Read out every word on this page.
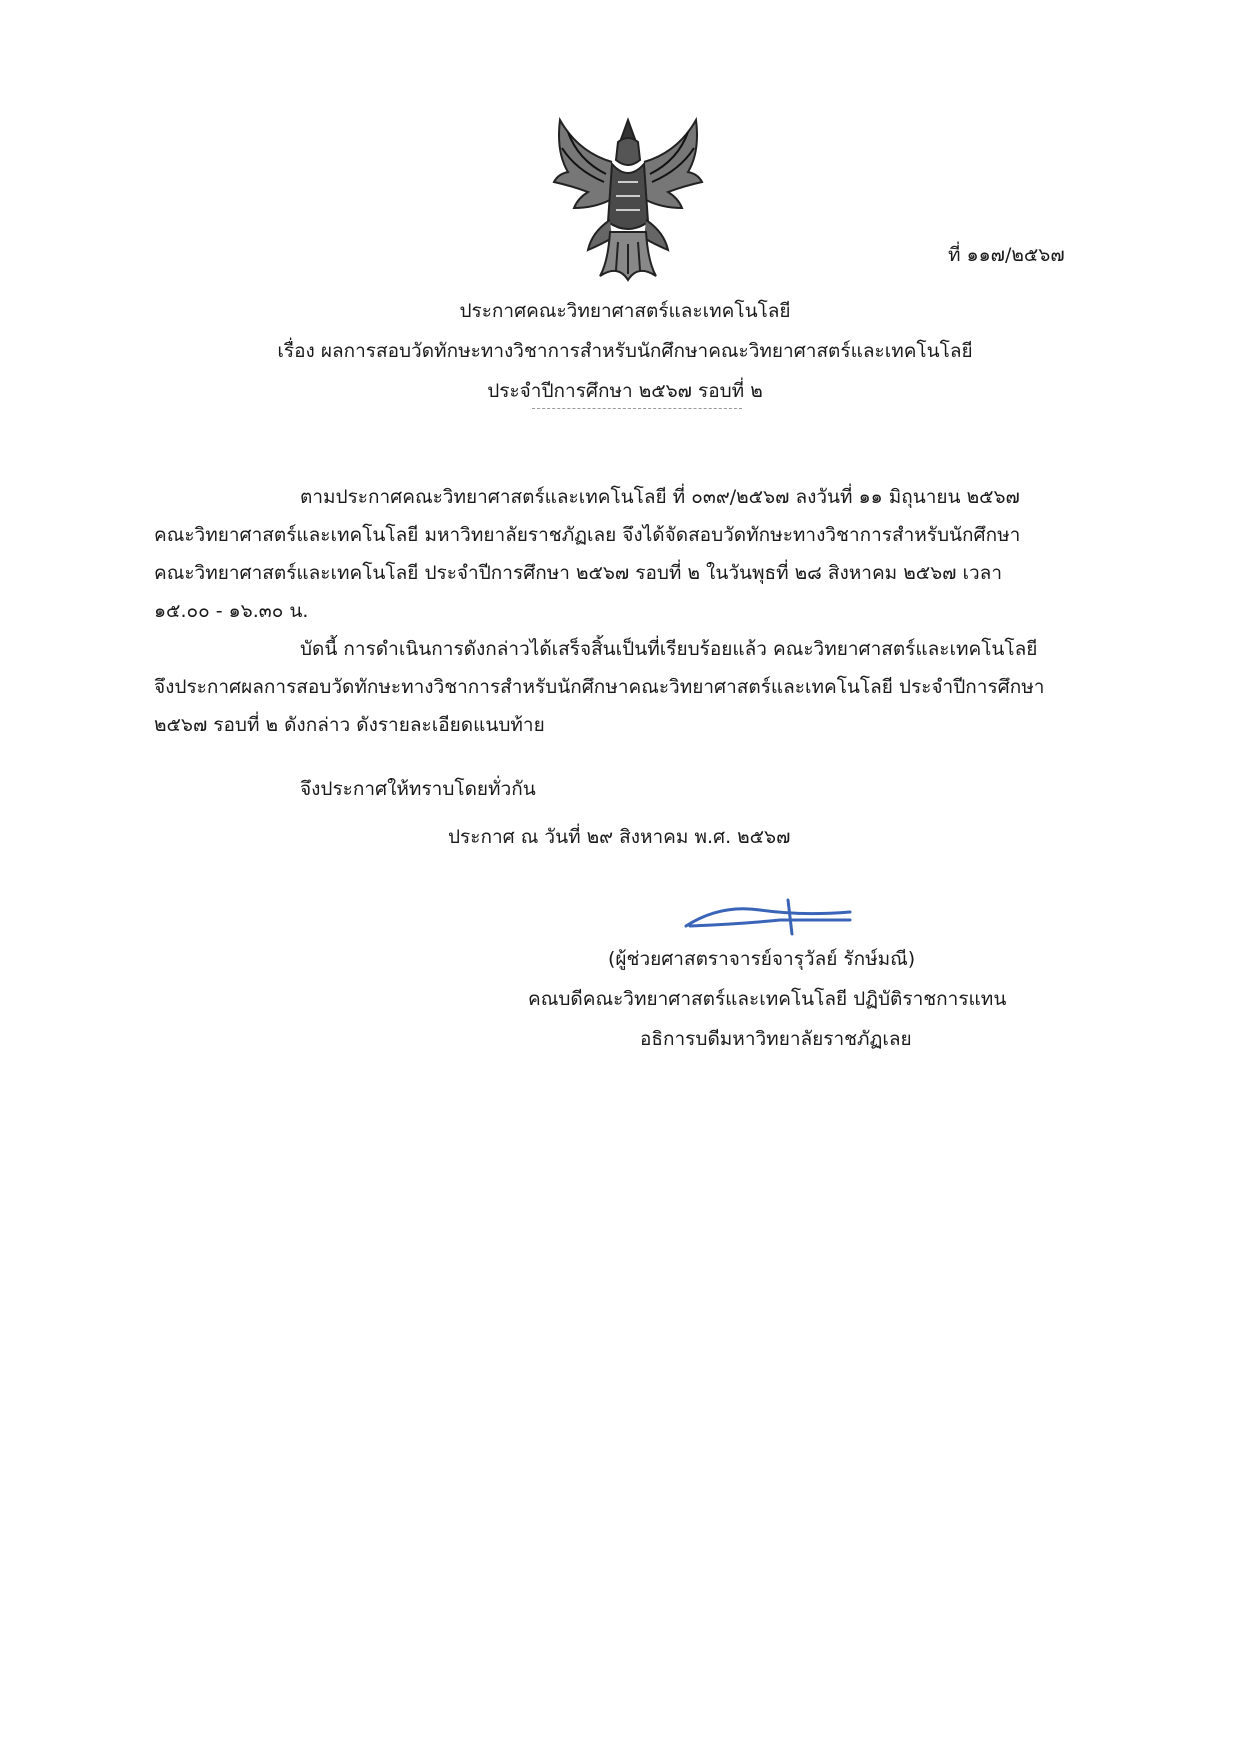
ที่ ๑๑๗/๒๕๖๗
ประกาศคณะวิทยาศาสตร์และเทคโนโลยี
เรื่อง ผลการสอบวัดทักษะทางวิชาการสำหรับนักศึกษาคณะวิทยาศาสตร์และเทคโนโลยี
ประจำปีการศึกษา ๒๕๖๗ รอบที่ ๒
ตามประกาศคณะวิทยาศาสตร์และเทคโนโลยี ที่ ๐๓๙/๒๕๖๗ ลงวันที่ ๑๑ มิถุนายน ๒๕๖๗
คณะวิทยาศาสตร์และเทคโนโลยี มหาวิทยาลัยราชภัฏเลย จึงได้จัดสอบวัดทักษะทางวิชาการสำหรับนักศึกษา
คณะวิทยาศาสตร์และเทคโนโลยี ประจำปีการศึกษา ๒๕๖๗ รอบที่ ๒ ในวันพุธที่ ๒๘ สิงหาคม ๒๕๖๗ เวลา
๑๕.๐๐ - ๑๖.๓๐ น.
บัดนี้ การดำเนินการดังกล่าวได้เสร็จสิ้นเป็นที่เรียบร้อยแล้ว คณะวิทยาศาสตร์และเทคโนโลยี
จึงประกาศผลการสอบวัดทักษะทางวิชาการสำหรับนักศึกษาคณะวิทยาศาสตร์และเทคโนโลยี ประจำปีการศึกษา
๒๕๖๗ รอบที่ ๒ ดังกล่าว ดังรายละเอียดแนบท้าย
จึงประกาศให้ทราบโดยทั่วกัน
ประกาศ ณ วันที่ ๒๙ สิงหาคม พ.ศ. ๒๕๖๗
(ผู้ช่วยศาสตราจารย์จารุวัลย์ รักษ์มณี)
คณบดีคณะวิทยาศาสตร์และเทคโนโลยี ปฏิบัติราชการแทน
อธิการบดีมหาวิทยาลัยราชภัฏเลย
